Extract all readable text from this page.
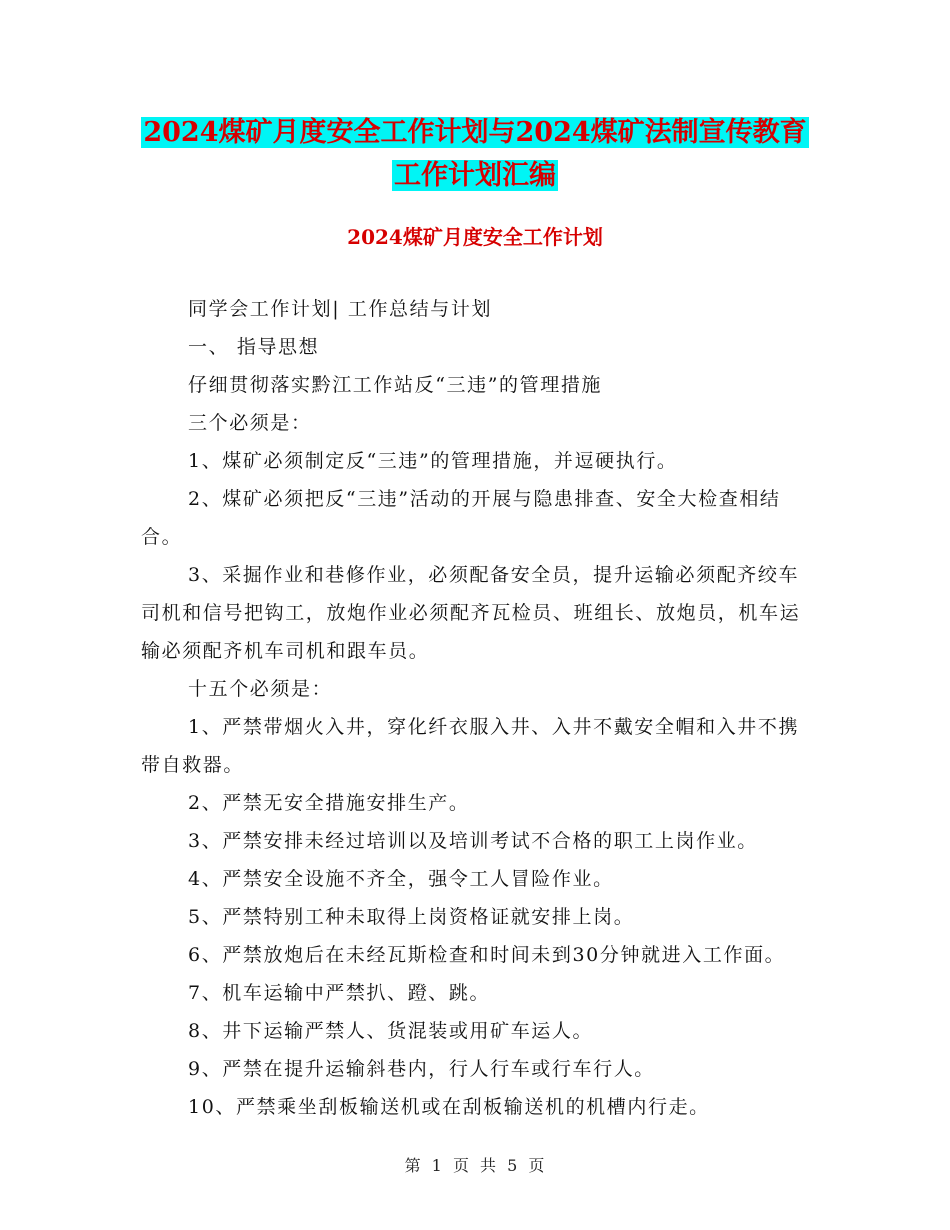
2024煤矿月度安全工作计划与2024煤矿法制宣传教育
工作计划汇编
2024煤矿月度安全工作计划

同学会工作计划| 工作总结与计划

一、 指导思想

仔细贯彻落实黔江工作站反“三违”的管理措施

三个必须是：

1、煤矿必须制定反“三违”的管理措施，并逗硬执行。

2、煤矿必须把反“三违”活动的开展与隐患排查、安全大检查相结合。

3、采掘作业和巷修作业，必须配备安全员，提升运输必须配齐绞车司机和信号把钩工，放炮作业必须配齐瓦检员、班组长、放炮员，机车运输必须配齐机车司机和跟车员。

十五个必须是：

1、严禁带烟火入井，穿化纤衣服入井、入井不戴安全帽和入井不携带自救器。

2、严禁无安全措施安排生产。

3、严禁安排未经过培训以及培训考试不合格的职工上岗作业。

4、严禁安全设施不齐全，强令工人冒险作业。

5、严禁特别工种未取得上岗资格证就安排上岗。

6、严禁放炮后在未经瓦斯检查和时间未到30分钟就进入工作面。

7、机车运输中严禁扒、蹬、跳。

8、井下运输严禁人、货混装或用矿车运人。

9、严禁在提升运输斜巷内，行人行车或行车行人。

10、严禁乘坐刮板输送机或在刮板输送机的机槽内行走。

第 1 页 共 5 页
